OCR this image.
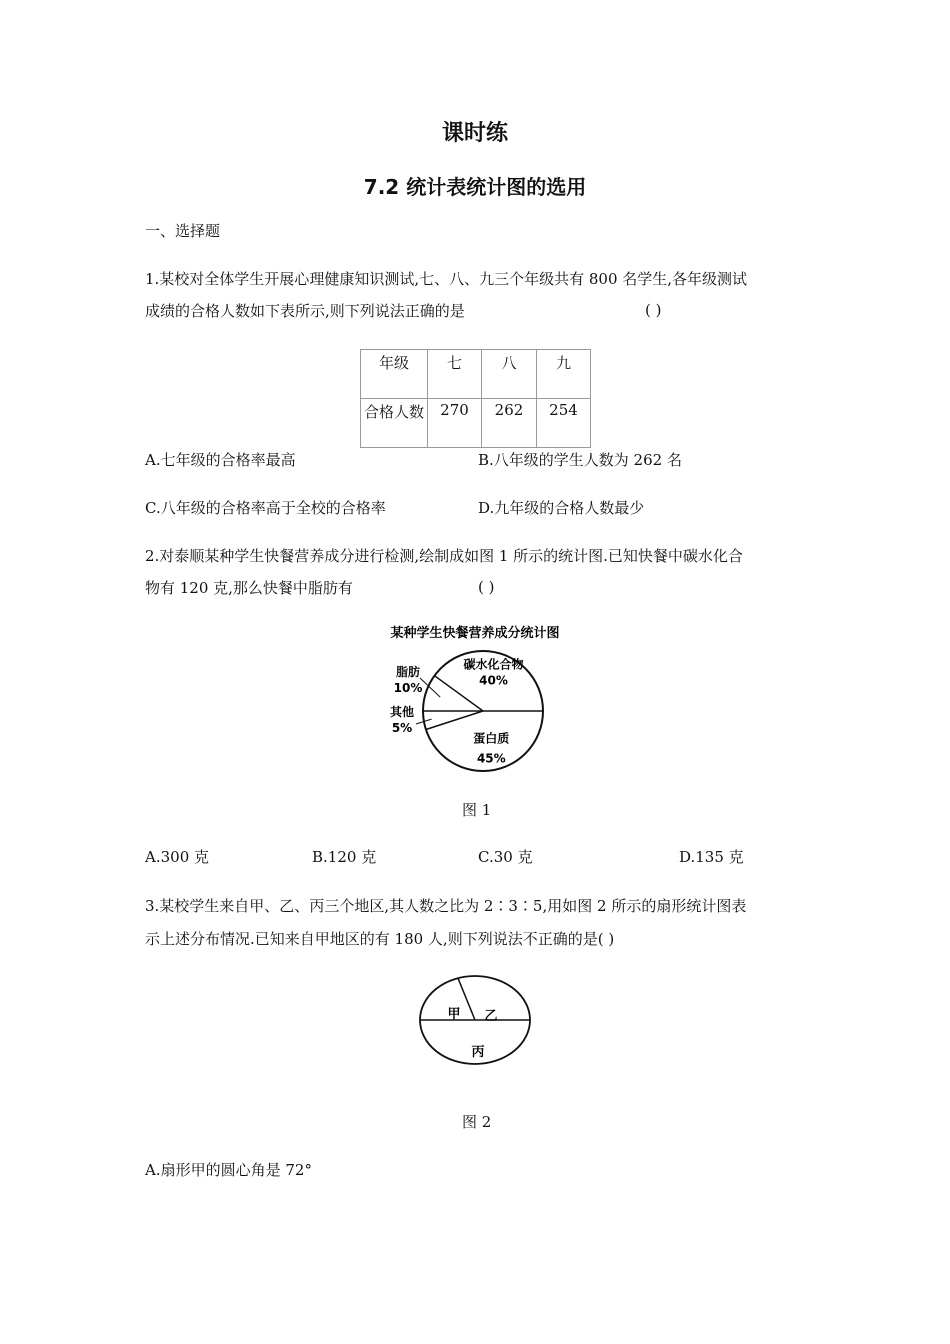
课时练
7.2 统计表统计图的选用
一、选择题
1.某校对全体学生开展心理健康知识测试,七、八、九三个年级共有 800 名学生,各年级测试
成绩的合格人数如下表所示,则下列说法正确的是	( )
年级	七	八	九
合格人数	270	262	254
A.七年级的合格率最高	B.八年级的学生人数为 262 名
C.八年级的合格率高于全校的合格率	D.九年级的合格人数最少
2.对泰顺某种学生快餐营养成分进行检测,绘制成如图 1 所示的统计图.已知快餐中碳水化合
物有 120 克,那么快餐中脂肪有	( )
某种学生快餐营养成分统计图
碳水化合物
40%
蛋白质
45%
脂肪
10%
其他
5%
图 1
A.300 克	B.120 克	C.30 克	D.135 克
3.某校学生来自甲、乙、丙三个地区,其人数之比为 2∶3∶5,用如图 2 所示的扇形统计图表
示上述分布情况.已知来自甲地区的有 180 人,则下列说法不正确的是( )
甲 乙
丙
图 2
A.扇形甲的圆心角是 72°
